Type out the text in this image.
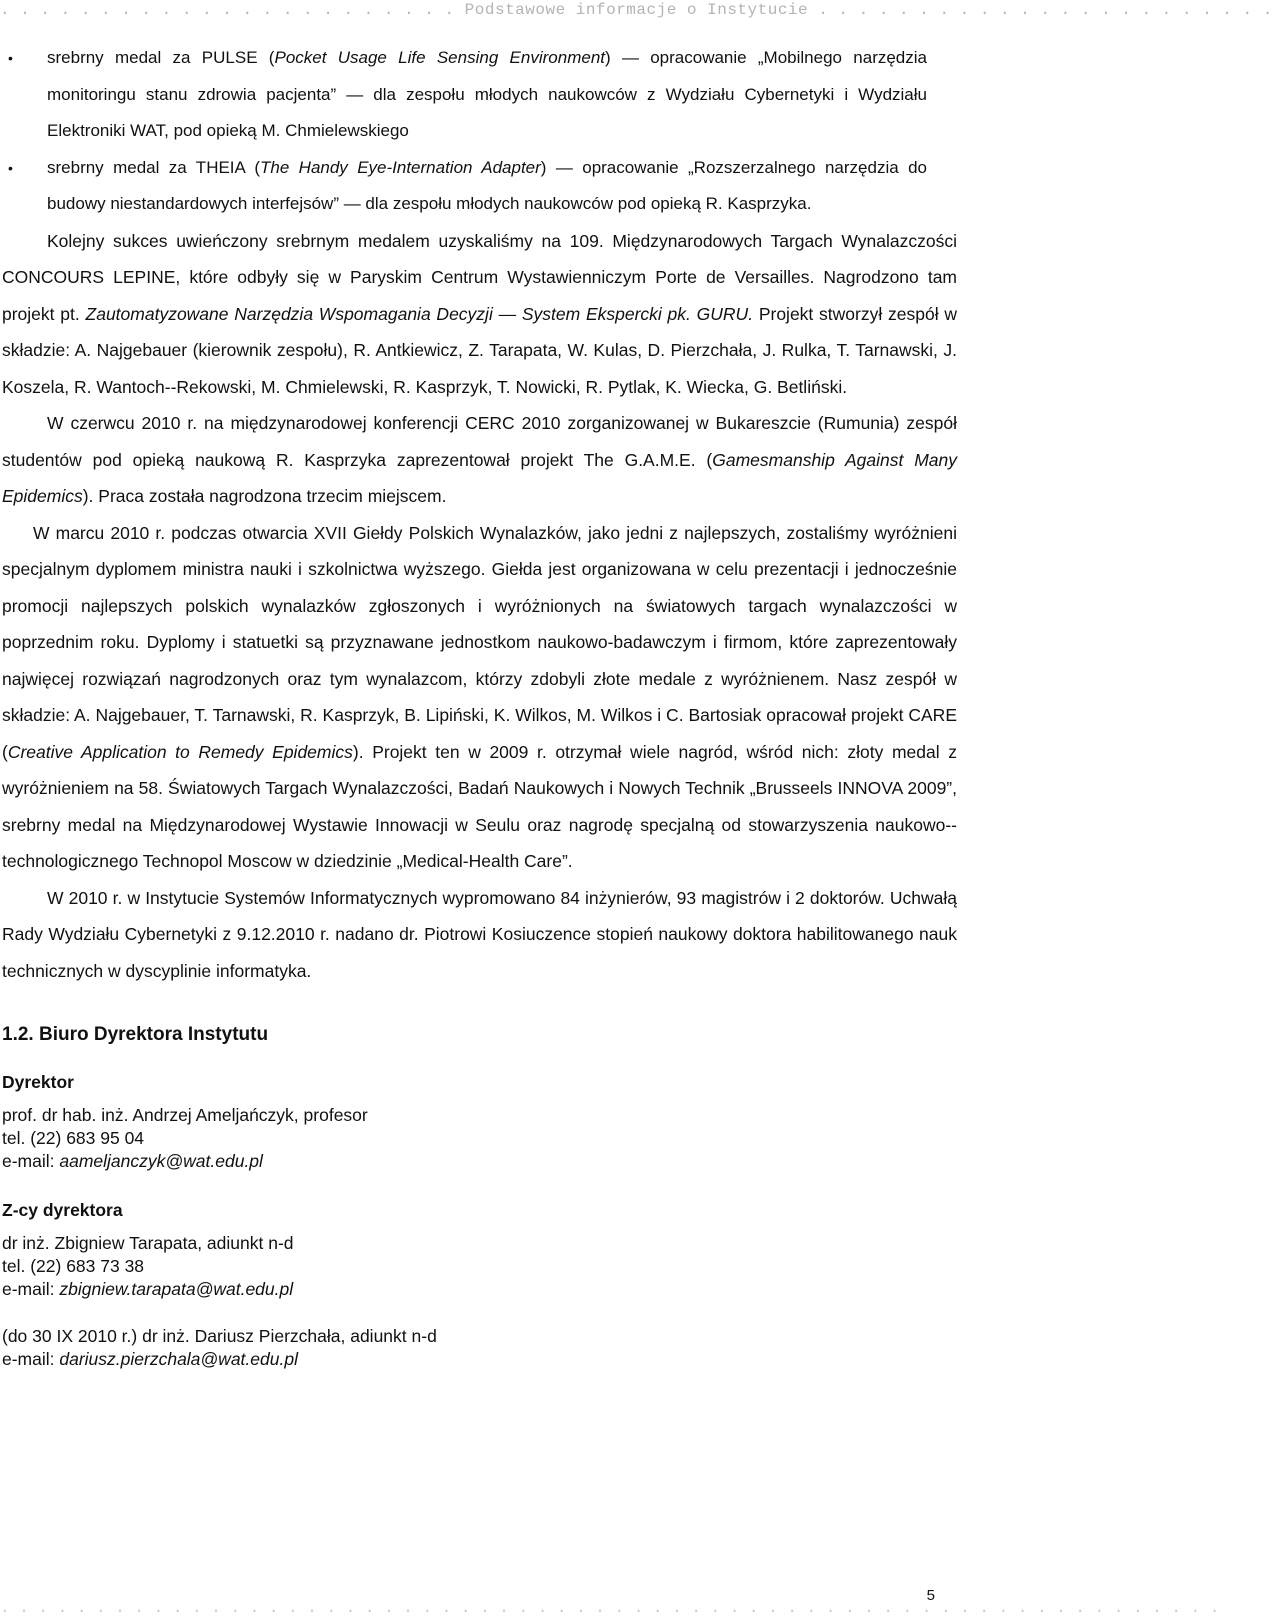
. . . . . . . . . . . . . . . . . . . . . . . Podstawowe informacje o Instytucie . . . . . . . . . . . . . . . . . . . . . . .
• srebrny medal za PULSE (Pocket Usage Life Sensing Environment) — opracowanie „Mobilnego narzędzia monitoringu stanu zdrowia pacjenta” — dla zespołu młodych naukowców z Wydziału Cybernetyki i Wydziału Elektroniki WAT, pod opieką M. Chmielewskiego
• srebrny medal za THEIA (The Handy Eye-Internation Adapter) — opracowanie „Rozszerzalnego narzędzia do budowy niestandardowych interfejsów” — dla zespołu młodych naukowców pod opieką R. Kasprzyka.
Kolejny sukces uwieńczony srebrnym medalem uzyskaliśmy na 109. Międzynarodowych Targach Wynalazczości CONCOURS LEPINE, które odbyły się w Paryskim Centrum Wystawienniczym Porte de Versailles. Nagrodzono tam projekt pt. Zautomatyzowane Narzędzia Wspomagania Decyzji — System Ekspercki pk. GURU. Projekt stworzył zespół w składzie: A. Najgebauer (kierownik zespołu), R. Antkiewicz, Z. Tarapata, W. Kulas, D. Pierzchała, J. Rulka, T. Tarnawski, J. Koszela, R. Wantoch--Rekowski, M. Chmielewski, R. Kasprzyk, T. Nowicki, R. Pytlak, K. Wiecka, G. Betliński.
W czerwcu 2010 r. na międzynarodowej konferencji CERC 2010 zorganizowanej w Bukareszcie (Rumunia) zespół studentów pod opieką naukową R. Kasprzyka zaprezentował projekt The G.A.M.E. (Gamesmanship Against Many Epidemics). Praca została nagrodzona trzecim miejscem.
W marcu 2010 r. podczas otwarcia XVII Giełdy Polskich Wynalazków, jako jedni z najlepszych, zostaliśmy wyróżnieni specjalnym dyplomem ministra nauki i szkolnictwa wyższego. Giełda jest organizowana w celu prezentacji i jednocześnie promocji najlepszych polskich wynalazków zgłoszonych i wyróżnionych na światowych targach wynalazczości w poprzednim roku. Dyplomy i statuetki są przyznawane jednostkom naukowo-badawczym i firmom, które zaprezentowały najwięcej rozwiązań nagrodzonych oraz tym wynalazcom, którzy zdobyli złote medale z wyróżnienem. Nasz zespół w składzie: A. Najgebauer, T. Tarnawski, R. Kasprzyk, B. Lipiński, K. Wilkos, M. Wilkos i C. Bartosiak opracował projekt CARE (Creative Application to Remedy Epidemics). Projekt ten w 2009 r. otrzymał wiele nagród, wśród nich: złoty medal z wyróżnieniem na 58. Światowych Targach Wynalazczości, Badań Naukowych i Nowych Technik „Brusseels INNOVA 2009”, srebrny medal na Międzynarodowej Wystawie Innowacji w Seulu oraz nagrodę specjalną od stowarzyszenia naukowo--technologicznego Technopol Moscow w dziedzinie „Medical-Health Care”.
W 2010 r. w Instytucie Systemów Informatycznych wypromowano 84 inżynierów, 93 magistrów i 2 doktorów. Uchwałą Rady Wydziału Cybernetyki z 9.12.2010 r. nadano dr. Piotrowi Kosiuczence stopień naukowy doktora habilitowanego nauk technicznych w dyscyplinie informatyka.
1.2. Biuro Dyrektora Instytutu
Dyrektor
prof. dr hab. inż. Andrzej Ameljańczyk, profesor
tel. (22) 683 95 04
e-mail: aameljanczyk@wat.edu.pl
Z-cy dyrektora
dr inż. Zbigniew Tarapata, adiunkt n-d
tel. (22) 683 73 38
e-mail: zbigniew.tarapata@wat.edu.pl
(do 30 IX 2010 r.) dr inż. Dariusz Pierzchała, adiunkt n-d
e-mail: dariusz.pierzchala@wat.edu.pl
. . . . . . . . . . . . . . . . . . . . . . . . . . . . . . . . . . . . . . . . . . . . . . . . . . . . . . . . . . . . . . . .
5
